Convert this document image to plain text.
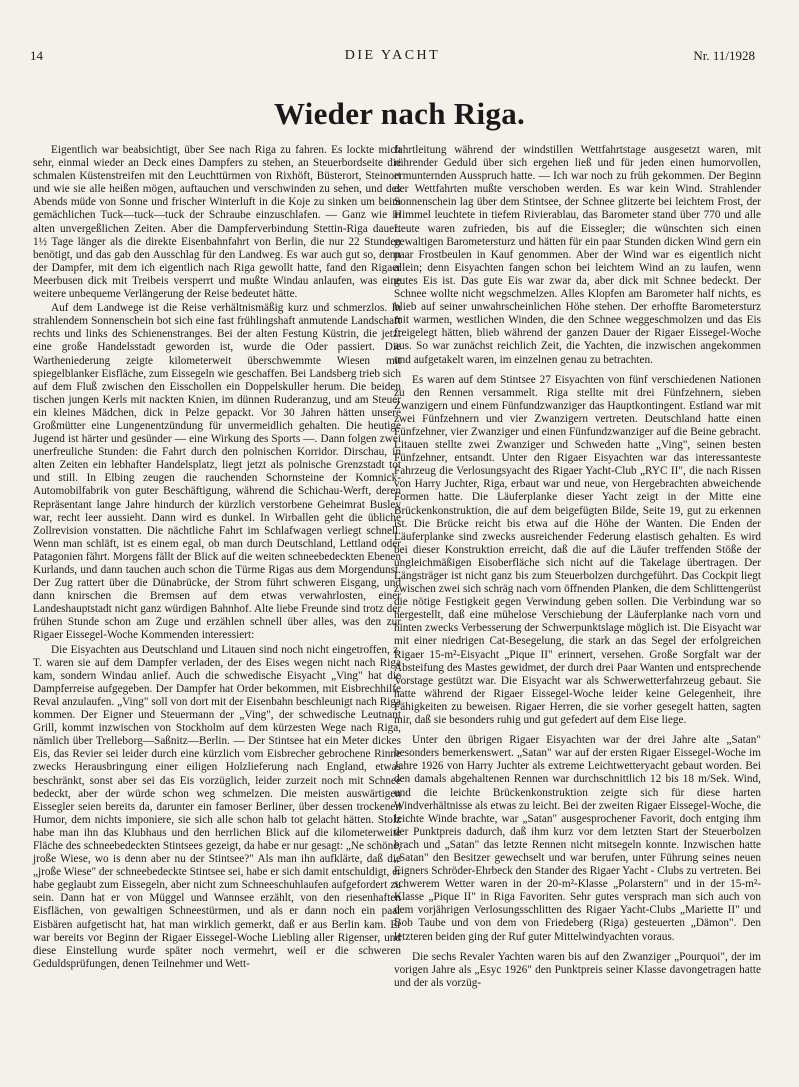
14	DIE YACHT	Nr. 11/1928
Wieder nach Riga.

Eigentlich war beabsichtigt, über See nach Riga zu fahren. Es lockte mich sehr, einmal wieder an Deck eines Dampfers zu stehen, an Steuerbordseite die schmalen Küstenstreifen mit den Leuchttürmen von Rixhöft, Büsterort, Steinort und wie sie alle heißen mögen, auftauchen und verschwinden zu sehen, und des Abends müde von Sonne und frischer Winterluft in die Koje zu sinken um beim gemächlichen Tuck—tuck—tuck der Schraube einzuschlafen. — Ganz wie in alten unvergeßlichen Zeiten. Aber die Dampferverbindung Stettin-Riga dauert 1½ Tage länger als die direkte Eisenbahnfahrt von Berlin, die nur 22 Stunden benötigt, und das gab den Ausschlag für den Landweg. Es war auch gut so, denn der Dampfer, mit dem ich eigentlich nach Riga gewollt hatte, fand den Rigaer Meerbusen dick mit Treibeis versperrt und mußte Windau anlaufen, was eine weitere unbequeme Verlängerung der Reise bedeutet hätte.

Auf dem Landwege ist die Reise verhältnismäßig kurz und schmerzlos. In strahlendem Sonnenschein bot sich eine fast frühlingshaft anmutende Landschaft rechts und links des Schienenstranges. Bei der alten Festung Küstrin, die jetzt eine große Handelsstadt geworden ist, wurde die Oder passiert. Die Wartheniederung zeigte kilometerweit überschwemmte Wiesen mit spiegelblanker Eisfläche, zum Eissegeln wie geschaffen. Bei Landsberg trieb sich auf dem Fluß zwischen den Eisschollen ein Doppelskuller herum. Die beiden tischen jungen Kerls mit nackten Knien, im dünnen Ruderanzug, und am Steuer ein kleines Mädchen, dick in Pelze gepackt. Vor 30 Jahren hätten unsere Großmütter eine Lungenentzündung für unvermeidlich gehalten. Die heutige Jugend ist härter und gesünder — eine Wirkung des Sports —. Dann folgen zwei unerfreuliche Stunden: die Fahrt durch den polnischen Korridor. Dirschau, in alten Zeiten ein lebhafter Handelsplatz, liegt jetzt als polnische Grenzstadt tot und still. In Elbing zeugen die rauchenden Schornsteine der Komnick-Automobilfabrik von guter Beschäftigung, während die Schichau-Werft, deren Repräsentant lange Jahre hindurch der kürzlich verstorbene Geheimrat Busley war, recht leer aussieht. Dann wird es dunkel. In Wirballen geht die übliche Zollrevision vonstatten. Die nächtliche Fahrt im Schlafwagen verliegt schnell. Wenn man schläft, ist es einem egal, ob man durch Deutschland, Lettland oder Patagonien fährt. Morgens fällt der Blick auf die weiten schneebedeckten Ebenen Kurlands, und dann tauchen auch schon die Türme Rigas aus dem Morgendunst. Der Zug rattert über die Dünabrücke, der Strom führt schweren Eisgang, und dann knirschen die Bremsen auf dem etwas verwahrlosten, einer Landeshauptstadt nicht ganz würdigen Bahnhof. Alte liebe Freunde sind trotz der frühen Stunde schon am Zuge und erzählen schnell über alles, was den zur Rigaer Eissegel-Woche Kommenden interessiert:

Die Eisyachten aus Deutschland und Litauen sind noch nicht eingetroffen, z. T. waren sie auf dem Dampfer verladen, der des Eises wegen nicht nach Riga kam, sondern Windau anlief. Auch die schwedische Eisyacht „Ving" hat die Dampferreise aufgegeben. Der Dampfer hat Order bekommen, mit Eisbrechhilfe Reval anzulaufen. „Ving" soll von dort mit der Eisenbahn beschleunigt nach Riga kommen. Der Eigner und Steuermann der „Ving", der schwedische Leutnant Grill, kommt inzwischen von Stockholm auf dem kürzesten Wege nach Riga, nämlich über Trelleborg—Saßnitz—Berlin. — Der Stintsee hat ein Meter dickes Eis, das Revier sei leider durch eine kürzlich vom Eisbrecher gebrochene Rinne zwecks Herausbringung einer eiligen Holzlieferung nach England, etwas beschränkt, sonst aber sei das Eis vorzüglich, leider zurzeit noch mit Schnee bedeckt, aber der würde schon weg schmelzen. Die meisten auswärtigen Eissegler seien bereits da, darunter ein famoser Berliner, über dessen trockenen Humor, dem nichts imponiere, sie sich alle schon halb tot gelacht hätten. Stolz habe man ihn das Klubhaus und den herrlichen Blick auf die kilometerweite Fläche des schneebedeckten Stintsees gezeigt, da habe er nur gesagt: „Ne schöne, jroße Wiese, wo is denn aber nu der Stintsee?" Als man ihn aufklärte, daß die „jroße Wiese" der schneebedeckte Stintsee sei, habe er sich damit entschuldigt, er habe geglaubt zum Eissegeln, aber nicht zum Schneeschuhlaufen aufgefordert zu sein. Dann hat er von Müggel und Wannsee erzählt, von den riesenhaften Eisflächen, von gewaltigen Schneestürmen, und als er dann noch ein paar Eisbären aufgetischt hat, hat man wirklich gemerkt, daß er aus Berlin kam. Er war bereits vor Beginn der Rigaer Eissegel-Woche Liebling aller Rigenser, und diese Einstellung wurde später noch vermehrt, weil er die schweren Geduldsprüfungen, denen Teilnehmer und Wett-

fahrtleitung während der windstillen Wettfahrtstage ausgesetzt waren, mit rührender Geduld über sich ergehen ließ und für jeden einen humorvollen, ermunternden Ausspruch hatte. — Ich war noch zu früh gekommen. Der Beginn der Wettfahrten mußte verschoben werden. Es war kein Wind. Strahlender Sonnenschein lag über dem Stintsee, der Schnee glitzerte bei leichtem Frost, der Himmel leuchtete in tiefem Rivierablau, das Barometer stand über 770 und alle Leute waren zufrieden, bis auf die Eissegler; die wünschten sich einen gewaltigen Barometersturz und hätten für ein paar Stunden dicken Wind gern ein paar Frostbeulen in Kauf genommen. Aber der Wind war es eigentlich nicht allein; denn Eisyachten fangen schon bei leichtem Wind an zu laufen, wenn gutes Eis ist. Das gute Eis war zwar da, aber dick mit Schnee bedeckt. Der Schnee wollte nicht wegschmelzen. Alles Klopfen am Barometer half nichts, es blieb auf seiner unwahrscheinlichen Höhe stehen. Der erhoffte Barometersturz mit warmen, westlichen Winden, die den Schnee weggeschmolzen und das Eis freigelegt hätten, blieb während der ganzen Dauer der Rigaer Eissegel-Woche aus. So war zunächst reichlich Zeit, die Yachten, die inzwischen angekommen und aufgetakelt waren, im einzelnen genau zu betrachten.

Es waren auf dem Stintsee 27 Eisyachten von fünf verschiedenen Nationen zu den Rennen versammelt. Riga stellte mit drei Fünfzehnern, sieben Zwanzigern und einem Fünfundzwanziger das Hauptkontingent. Estland war mit zwei Fünfzehnern und vier Zwanzigern vertreten. Deutschland hatte einen Fünfzehner, vier Zwanziger und einen Fünfundzwanziger auf die Beine gebracht. Litauen stellte zwei Zwanziger und Schweden hatte „Ving", seinen besten Fünfzehner, entsandt. Unter den Rigaer Eisyachten war das interessanteste Fahrzeug die Verlosungsyacht des Rigaer Yacht-Club „RYC II", die nach Rissen von Harry Juchter, Riga, erbaut war und neue, von Hergebrachten abweichende Formen hatte. Die Läuferplanke dieser Yacht zeigt in der Mitte eine Brückenkonstruktion, die auf dem beigefügten Bilde, Seite 19, gut zu erkennen ist. Die Brücke reicht bis etwa auf die Höhe der Wanten. Die Enden der Läuferplanke sind zwecks ausreichender Federung elastisch gehalten. Es wird bei dieser Konstruktion erreicht, daß die auf die Läufer treffenden Stöße der ungleichmäßigen Eisoberfläche sich nicht auf die Takelage übertragen. Der Längsträger ist nicht ganz bis zum Steuerbolzen durchgeführt. Das Cockpit liegt zwischen zwei sich schräg nach vorn öffnenden Planken, die dem Schlittengerüst die nötige Festigkeit gegen Verwindung geben sollen. Die Verbindung war so hergestellt, daß eine mühelose Verschiebung der Läuferplanke nach vorn und hinten zwecks Verbesserung der Schwerpunktslage möglich ist. Die Eisyacht war mit einer niedrigen Cat-Besegelung, die stark an das Segel der erfolgreichen Rigaer 15-m²-Eisyacht „Pique II" erinnert, versehen. Große Sorgfalt war der Absteifung des Mastes gewidmet, der durch drei Paar Wanten und entsprechende Vorstage gestützt war. Die Eisyacht war als Schwerwetterfahrzeug gebaut. Sie hatte während der Rigaer Eissegel-Woche leider keine Gelegenheit, ihre Fähigkeiten zu beweisen. Rigaer Herren, die sie vorher gesegelt hatten, sagten mir, daß sie besonders ruhig und gut gefedert auf dem Eise liege.

Unter den übrigen Rigaer Eisyachten war der drei Jahre alte „Satan" besonders bemerkenswert. „Satan" war auf der ersten Rigaer Eissegel-Woche im Jahre 1926 von Harry Juchter als extreme Leichtwetteryacht gebaut worden. Bei den damals abgehaltenen Rennen war durchschnittlich 12 bis 18 m/Sek. Wind, und die leichte Brückenkonstruktion zeigte sich für diese harten Windverhältnisse als etwas zu leicht. Bei der zweiten Rigaer Eissegel-Woche, die leichte Winde brachte, war „Satan" ausgesprochener Favorit, doch entging ihm der Punktpreis dadurch, daß ihm kurz vor dem letzten Start der Steuerbolzen brach und „Satan" das letzte Rennen nicht mitsegeln konnte. Inzwischen hatte „Satan" den Besitzer gewechselt und war berufen, unter Führung seines neuen Eigners Schröder-Ehrbeck den Stander des Rigaer Yacht - Clubs zu vertreten. Bei schwerem Wetter waren in der 20-m²-Klasse „Polarstern" und in der 15-m²-Klasse „Pique II" in Riga Favoriten. Sehr gutes versprach man sich auch von dem vorjährigen Verlosungsschlitten des Rigaer Yacht-Clubs „Mariette II" und Bob Taube und von dem von Friedeberg (Riga) gesteuerten „Dämon". Den letzteren beiden ging der Ruf guter Mittelwindyachten voraus.

Die sechs Revaler Yachten waren bis auf den Zwanziger „Pourquoi", der im vorigen Jahre als „Esyc 1926" den Punktpreis seiner Klasse davongetragen hatte und der als vorzüg-
